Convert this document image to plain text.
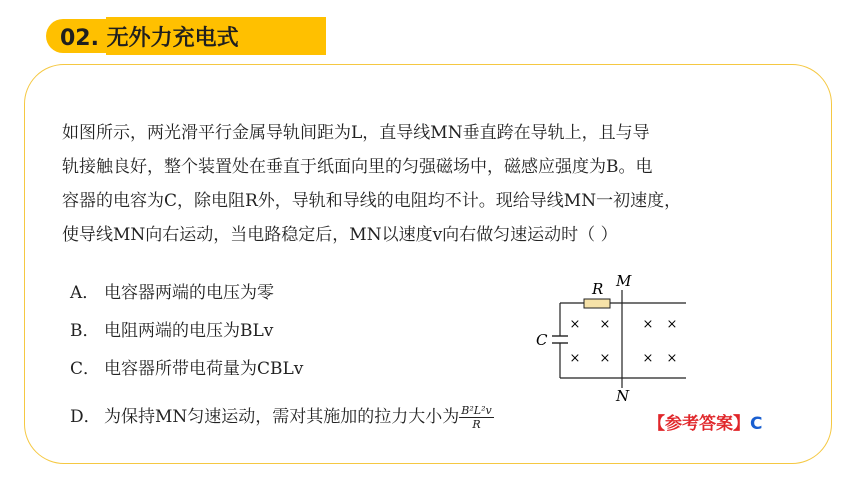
02. 无外力充电式
如图所示，两光滑平行金属导轨间距为L，直导线MN垂直跨在导轨上，且与导
轨接触良好，整个装置处在垂直于纸面向里的匀强磁场中，磁感应强度为B。电
容器的电容为C，除电阻R外，导轨和导线的电阻均不计。现给导线MN一初速度，
使导线MN向右运动，当电路稳定后，MN以速度v向右做匀速运动时（ ）
A． 电容器两端的电压为零
B． 电阻两端的电压为BLv
C． 电容器所带电荷量为CBLv
D． 为保持MN匀速运动，需对其施加的拉力大小为 $\frac{\text{B²L²v}}{R}$	【参考答案】C
× × × ×
× × × ×
R M
N
C
